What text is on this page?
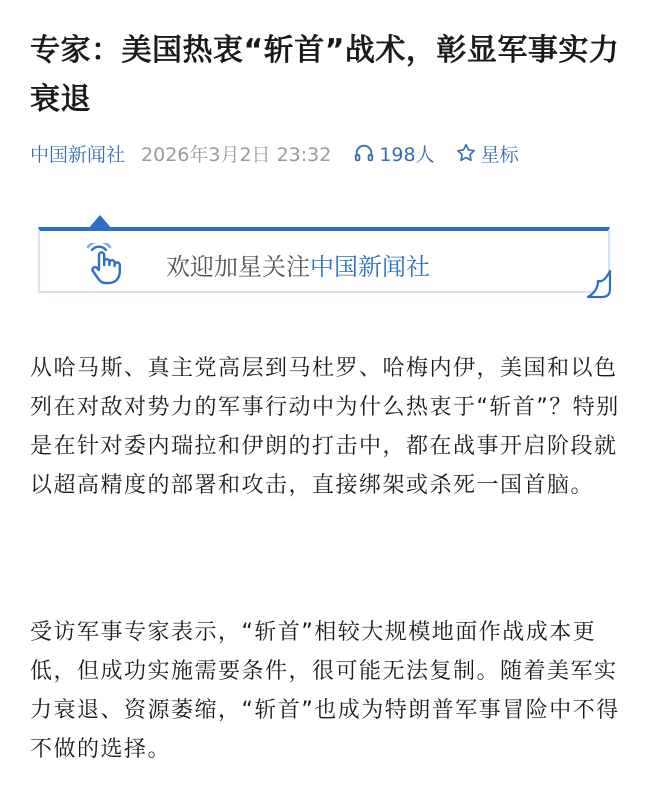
专家：美国热衷“斩首”战术，彰显军事实力衰退
中国新闻社 2026年3月2日 23:32	198人 星标
欢迎加星关注中国新闻社

从哈马斯、真主党高层到马杜罗、哈梅内伊，美国和以色列在对敌对势力的军事行动中为什么热衷于“斩首”？特别是在针对委内瑞拉和伊朗的打击中，都在战事开启阶段就以超高精度的部署和攻击，直接绑架或杀死一国首脑。

受访军事专家表示，“斩首”相较大规模地面作战成本更低，但成功实施需要条件，很可能无法复制。随着美军实力衰退、资源萎缩，“斩首”也成为特朗普军事冒险中不得不做的选择。
